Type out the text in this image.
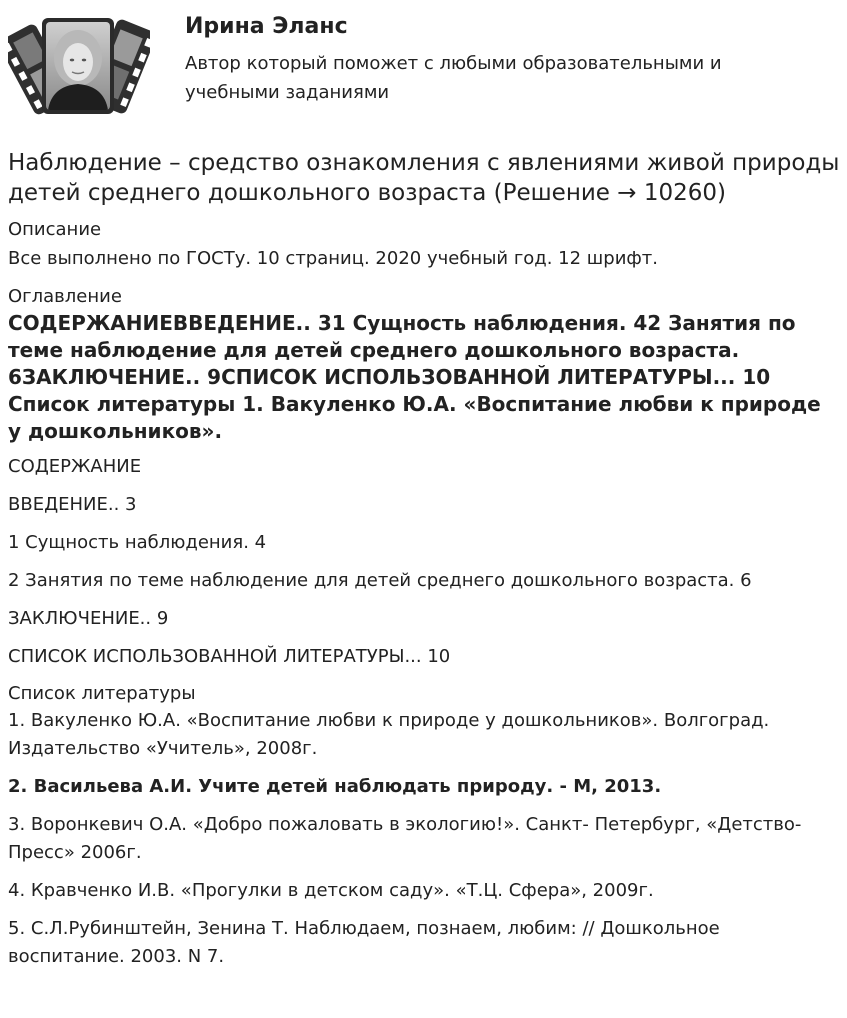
Ирина Эланс
Автор который поможет с любыми образовательными и учебными заданиями
Наблюдение – средство ознакомления с явлениями живой природы детей среднего дошкольного возраста (Решение → 10260)
Описание
Все выполнено по ГОСТу. 10 страниц. 2020 учебный год. 12 шрифт.
Оглавление
СОДЕРЖАНИЕВВЕДЕНИЕ.. 31 Сущность наблюдения. 42 Занятия по теме наблюдение для детей среднего дошкольного возраста. 6ЗАКЛЮЧЕНИЕ.. 9СПИСОК ИСПОЛЬЗОВАННОЙ ЛИТЕРАТУРЫ... 10 Список литературы 1. Вакуленко Ю.А. «Воспитание любви к природе у дошкольников».

СОДЕРЖАНИЕ

ВВЕДЕНИЕ.. 3

1 Сущность наблюдения. 4

2 Занятия по теме наблюдение для детей среднего дошкольного возраста. 6

ЗАКЛЮЧЕНИЕ.. 9

СПИСОК ИСПОЛЬЗОВАННОЙ ЛИТЕРАТУРЫ... 10

Список литературы

1. Вакуленко Ю.А. «Воспитание любви к природе у дошкольников». Волгоград. Издательство «Учитель», 2008г.

2. Васильева А.И. Учите детей наблюдать природу. - М, 2013.

3. Воронкевич О.А. «Добро пожаловать в экологию!». Санкт- Петербург, «Детство- Пресс» 2006г.

4. Кравченко И.В. «Прогулки в детском саду». «Т.Ц. Сфера», 2009г.

5. С.Л.Рубинштейн, Зенина Т. Наблюдаем, познаем, любим: // Дошкольное воспитание. 2003. N 7.
